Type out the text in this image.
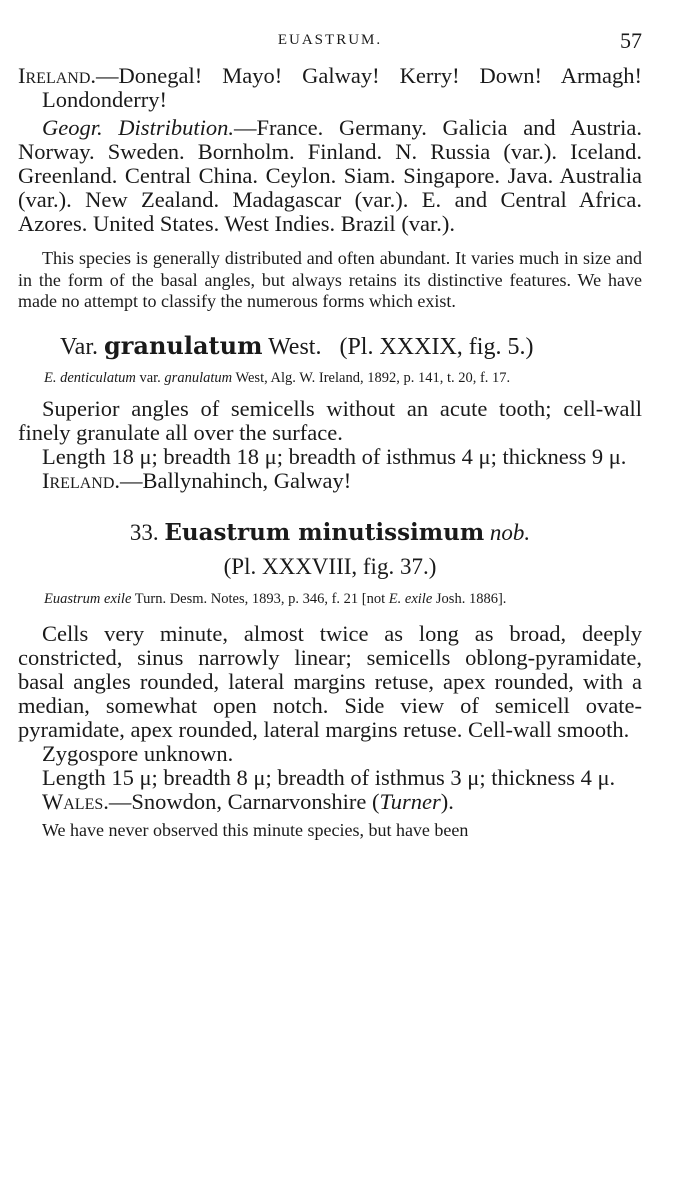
EUASTRUM.	57

Ireland.—Donegal! Mayo! Galway! Kerry! Down! Armagh! Londonderry!

Geogr. Distribution.—France. Germany. Galicia and Austria. Norway. Sweden. Bornholm. Finland. N. Russia (var.). Iceland. Greenland. Central China. Ceylon. Siam. Singapore. Java. Australia (var.). New Zealand. Madagascar (var.). E. and Central Africa. Azores. United States. West Indies. Brazil (var.).

This species is generally distributed and often abundant. It varies much in size and in the form of the basal angles, but always retains its distinctive features. We have made no attempt to classify the numerous forms which exist.

Var. granulatum West. (Pl. XXXIX, fig. 5.)

E. denticulatum var. granulatum West, Alg. W. Ireland, 1892, p. 141, t. 20, f. 17.

Superior angles of semicells without an acute tooth; cell-wall finely granulate all over the surface.

Length 18 μ; breadth 18 μ; breadth of isthmus 4 μ; thickness 9 μ.

Ireland.—Ballynahinch, Galway!

33. Euastrum minutissimum nob.

(Pl. XXXVIII, fig. 37.)

Euastrum exile Turn. Desm. Notes, 1893, p. 346, f. 21 [not E. exile Josh. 1886].

Cells very minute, almost twice as long as broad, deeply constricted, sinus narrowly linear; semicells oblong-pyramidate, basal angles rounded, lateral margins retuse, apex rounded, with a median, somewhat open notch. Side view of semicell ovate-pyramidate, apex rounded, lateral margins retuse. Cell-wall smooth.

Zygospore unknown.

Length 15 μ; breadth 8 μ; breadth of isthmus 3 μ; thickness 4 μ.

Wales.—Snowdon, Carnarvonshire (Turner).

We have never observed this minute species, but have been
